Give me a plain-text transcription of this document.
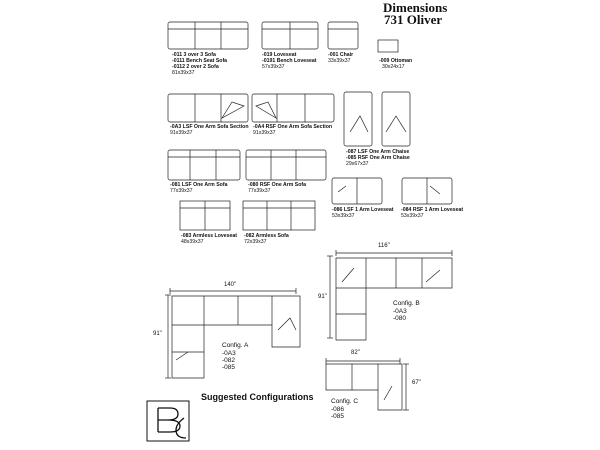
Dimensions
731 Oliver
-011 3 over 3 Sofa
-0111 Bench Seat Sofa
-0112 2 over 2 Sofa
81x39x37
-019 Loveseat
-0191 Bench Loveseat
57x39x37
-001 Chair
33x39x37	-009 Ottoman
30x24x17
-0A3 LSF One Arm Sofa Section
91x39x37
-0A4 RSF One Arm Sofa Section
91x39x37
-087 LSF One Arm Chaise
-085 RSF One Arm Chaise
29x67x37
-081 LSF One Arm Sofa
77x39x37
-080 RSF One Arm Sofa
77x39x37
-086 LSF 1 Arm Loveseat
53x39x37
-084 RSF 1 Arm Loveseat
53x39x37
-083 Armless Loveseat
48x39x37
-082 Armless Sofa
72x39x37
140"
91"
Config. A
-0A3
-082
-085
116"
91"
Config. B
-0A3
-080
82"
67"
Config. C
-086
-085
Suggested Configurations
